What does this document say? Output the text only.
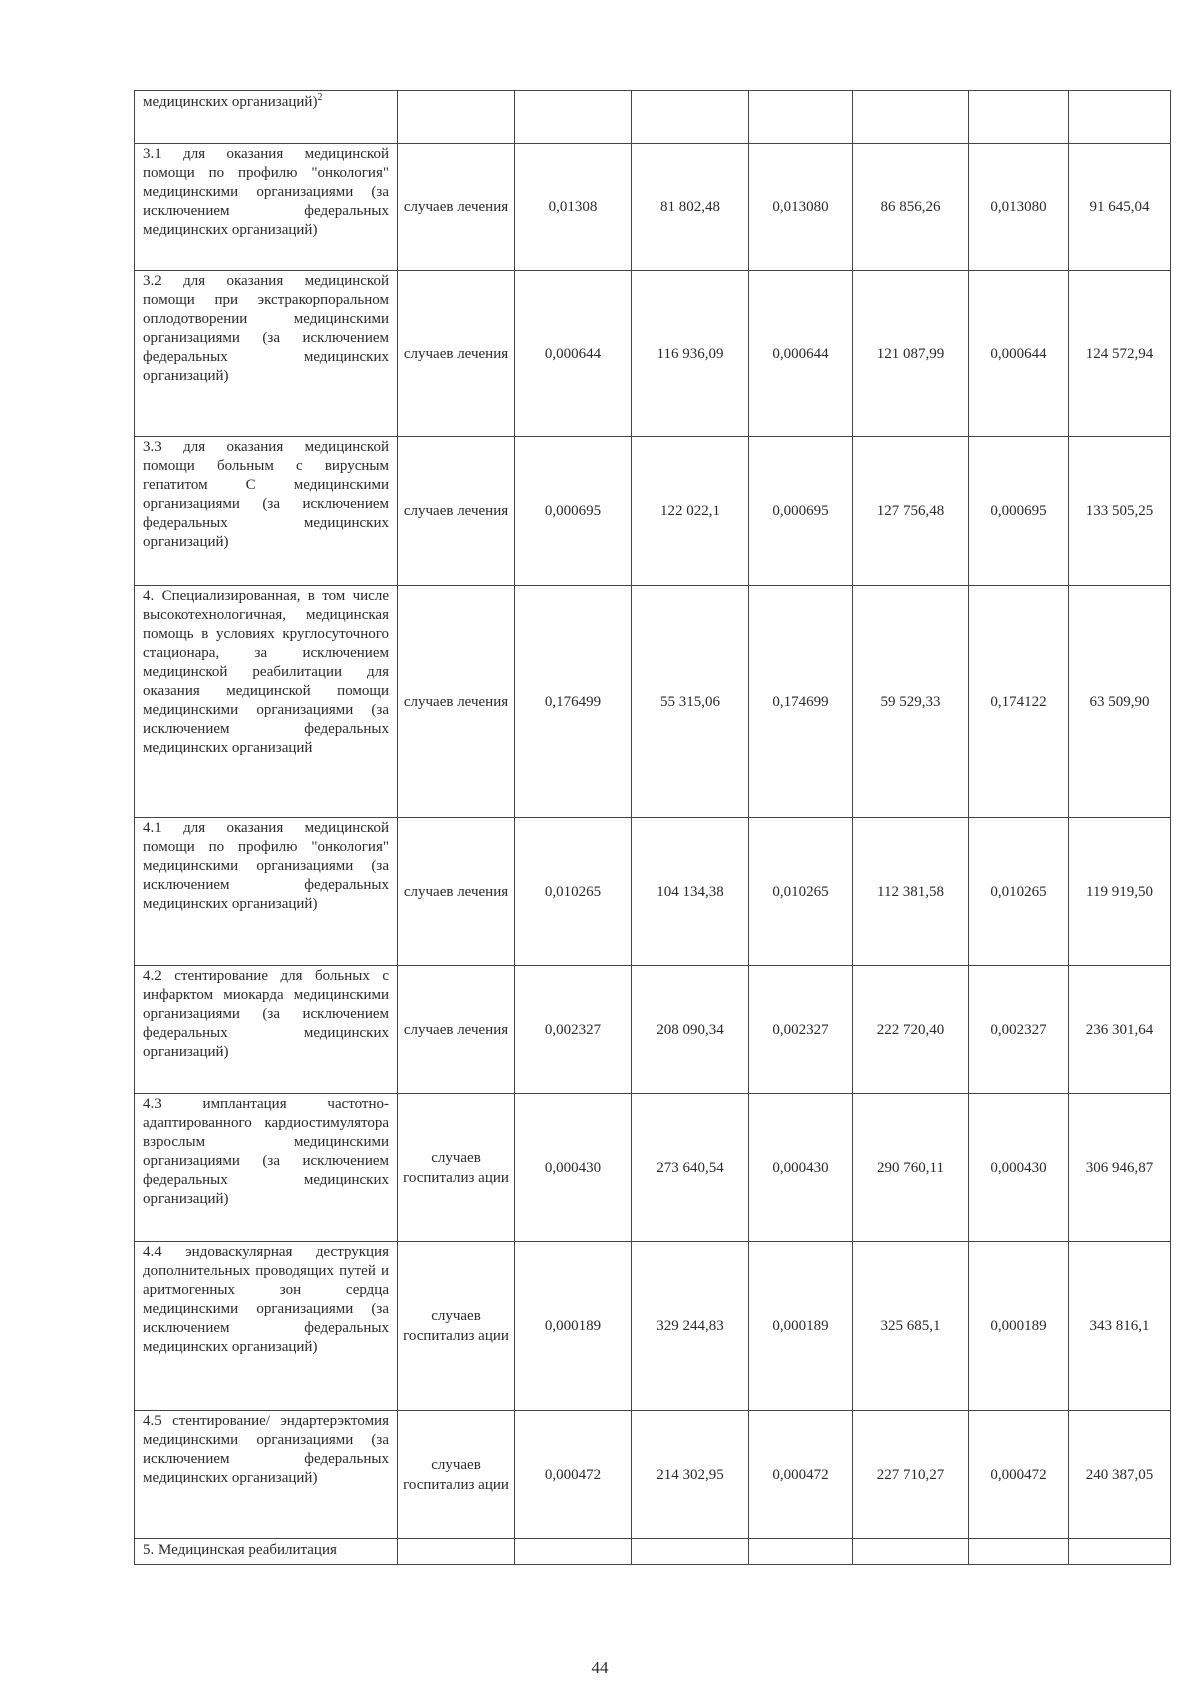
медицинских организаций)$^2$							

3.1 для оказания медицинской помощи по профилю "онкология" медицинскими организациями (за исключением федеральных медицинских организаций)	случаев лечения	0,01308	81 802,48	0,013080	86 856,26	0,013080	91 645,04

3.2 для оказания медицинской помощи при экстракорпоральном оплодотворении медицинскими организациями (за исключением федеральных медицинских организаций)	случаев лечения	0,000644	116 936,09	0,000644	121 087,99	0,000644	124 572,94

3.3 для оказания медицинской помощи больным с вирусным гепатитом С медицинскими организациями (за исключением федеральных медицинских организаций)	случаев лечения	0,000695	122 022,1	0,000695	127 756,48	0,000695	133 505,25

4. Специализированная, в том числе высокотехнологичная, медицинская помощь в условиях круглосуточного стационара, за исключением медицинской реабилитации для оказания медицинской помощи медицинскими организациями (за исключением федеральных медицинских организаций	случаев лечения	0,176499	55 315,06	0,174699	59 529,33	0,174122	63 509,90

4.1 для оказания медицинской помощи по профилю "онкология" медицинскими организациями (за исключением федеральных медицинских организаций)	случаев лечения	0,010265	104 134,38	0,010265	112 381,58	0,010265	119 919,50

4.2 стентирование для больных с инфарктом миокарда медицинскими организациями (за исключением федеральных медицинских организаций)	случаев лечения	0,002327	208 090,34	0,002327	222 720,40	0,002327	236 301,64

4.3 имплантация частотно-адаптированного кардиостимулятора взрослым медицинскими организациями (за исключением федеральных медицинских организаций)	случаев госпитализ ации	0,000430	273 640,54	0,000430	290 760,11	0,000430	306 946,87

4.4 эндоваскулярная деструкция дополнительных проводящих путей и аритмогенных зон сердца медицинскими организациями (за исключением федеральных медицинских организаций)	случаев госпитализ ации	0,000189	329 244,83	0,000189	325 685,1	0,000189	343 816,1

4.5 стентирование/ эндартерэктомия медицинскими организациями (за исключением федеральных медицинских организаций)	случаев госпитализ ации	0,000472	214 302,95	0,000472	227 710,27	0,000472	240 387,05

5. Медицинская реабилитация							

44
